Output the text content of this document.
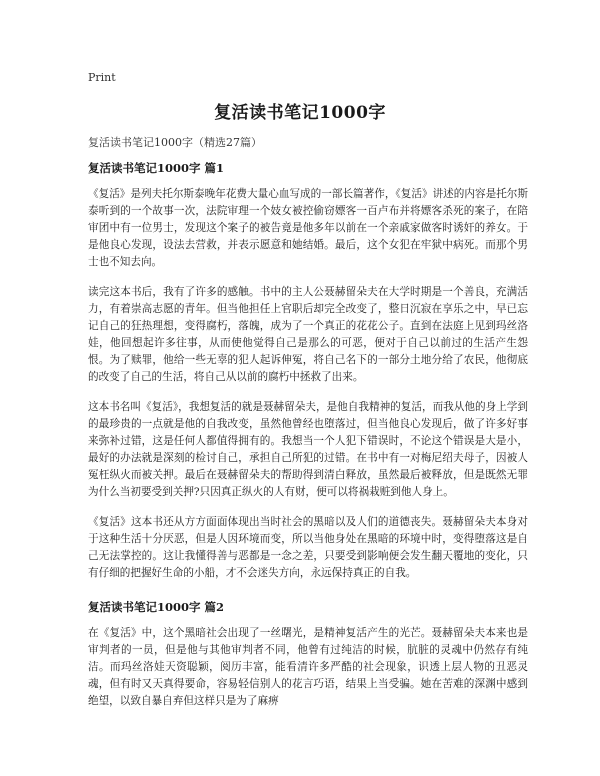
Print
复活读书笔记1000字
复活读书笔记1000字（精选27篇）
复活读书笔记1000字 篇1

《复活》是列夫托尔斯泰晚年花费大量心血写成的一部长篇著作，《复活》讲述的内容是托尔斯泰听到的一个故事一次，法院审理一个妓女被控偷窃嫖客一百卢布并将嫖客杀死的案子，在陪审团中有一位男士，发现这个案子的被告竟是他多年以前在一个亲戚家做客时诱奸的养女。于是他良心发现，设法去营救，并表示愿意和她结婚。最后，这个女犯在牢狱中病死。而那个男士也不知去向。

读完这本书后，我有了许多的感触。书中的主人公聂赫留朵夫在大学时期是一个善良，充满活力，有着崇高志愿的青年。但当他担任上官职后却完全改变了，整日沉寂在享乐之中，早已忘记自己的狂热理想，变得腐朽，落魄，成为了一个真正的花花公子。直到在法庭上见到玛丝洛娃，他回想起许多往事，从而使他觉得自己是那么的可恶，便对于自己以前过的生活产生怨恨。为了赎罪，他给一些无辜的犯人起诉伸冤，将自己名下的一部分土地分给了农民，他彻底的改变了自己的生活，将自己从以前的腐朽中拯救了出来。

这本书名叫《复活》，我想复活的就是聂赫留朵夫，是他自我精神的复活，而我从他的身上学到的最珍贵的一点就是他的自我改变，虽然他曾经也堕落过，但当他良心发现后，做了许多好事来弥补过错，这是任何人都值得拥有的。我想当一个人犯下错误时，不论这个错误是大是小，最好的办法就是深刻的检讨自己，承担自己所犯的过错。在书中有一对梅尼绍夫母子，因被人冤枉纵火而被关押。最后在聂赫留朵夫的帮助得到清白释放，虽然最后被释放，但是既然无罪为什么当初要受到关押?只因真正纵火的人有财，便可以将祸栽赃到他人身上。

《复活》这本书还从方方面面体现出当时社会的黑暗以及人们的道德丧失。聂赫留朵夫本身对于这种生活十分厌恶，但是人因环境而变，所以当他身处在黑暗的环境中时，变得堕落这是自己无法掌控的。这让我懂得善与恶都是一念之差，只要受到影响便会发生翻天覆地的变化，只有仔细的把握好生命的小船，才不会迷失方向，永远保持真正的自我。

复活读书笔记1000字 篇2

在《复活》中，这个黑暗社会出现了一丝曙光，是精神复活产生的光芒。聂赫留朵夫本来也是审判者的一员，但是他与其他审判者不同，他曾有过纯洁的时候，肮脏的灵魂中仍然存有纯洁。而玛丝洛娃天资聪颖，阅历丰富，能看清许多严酷的社会现象，识透上层人物的丑恶灵魂，但有时又天真得要命，容易轻信别人的花言巧语，结果上当受骗。她在苦难的深渊中感到绝望，以致自暴自弃但这样只是为了麻痹
